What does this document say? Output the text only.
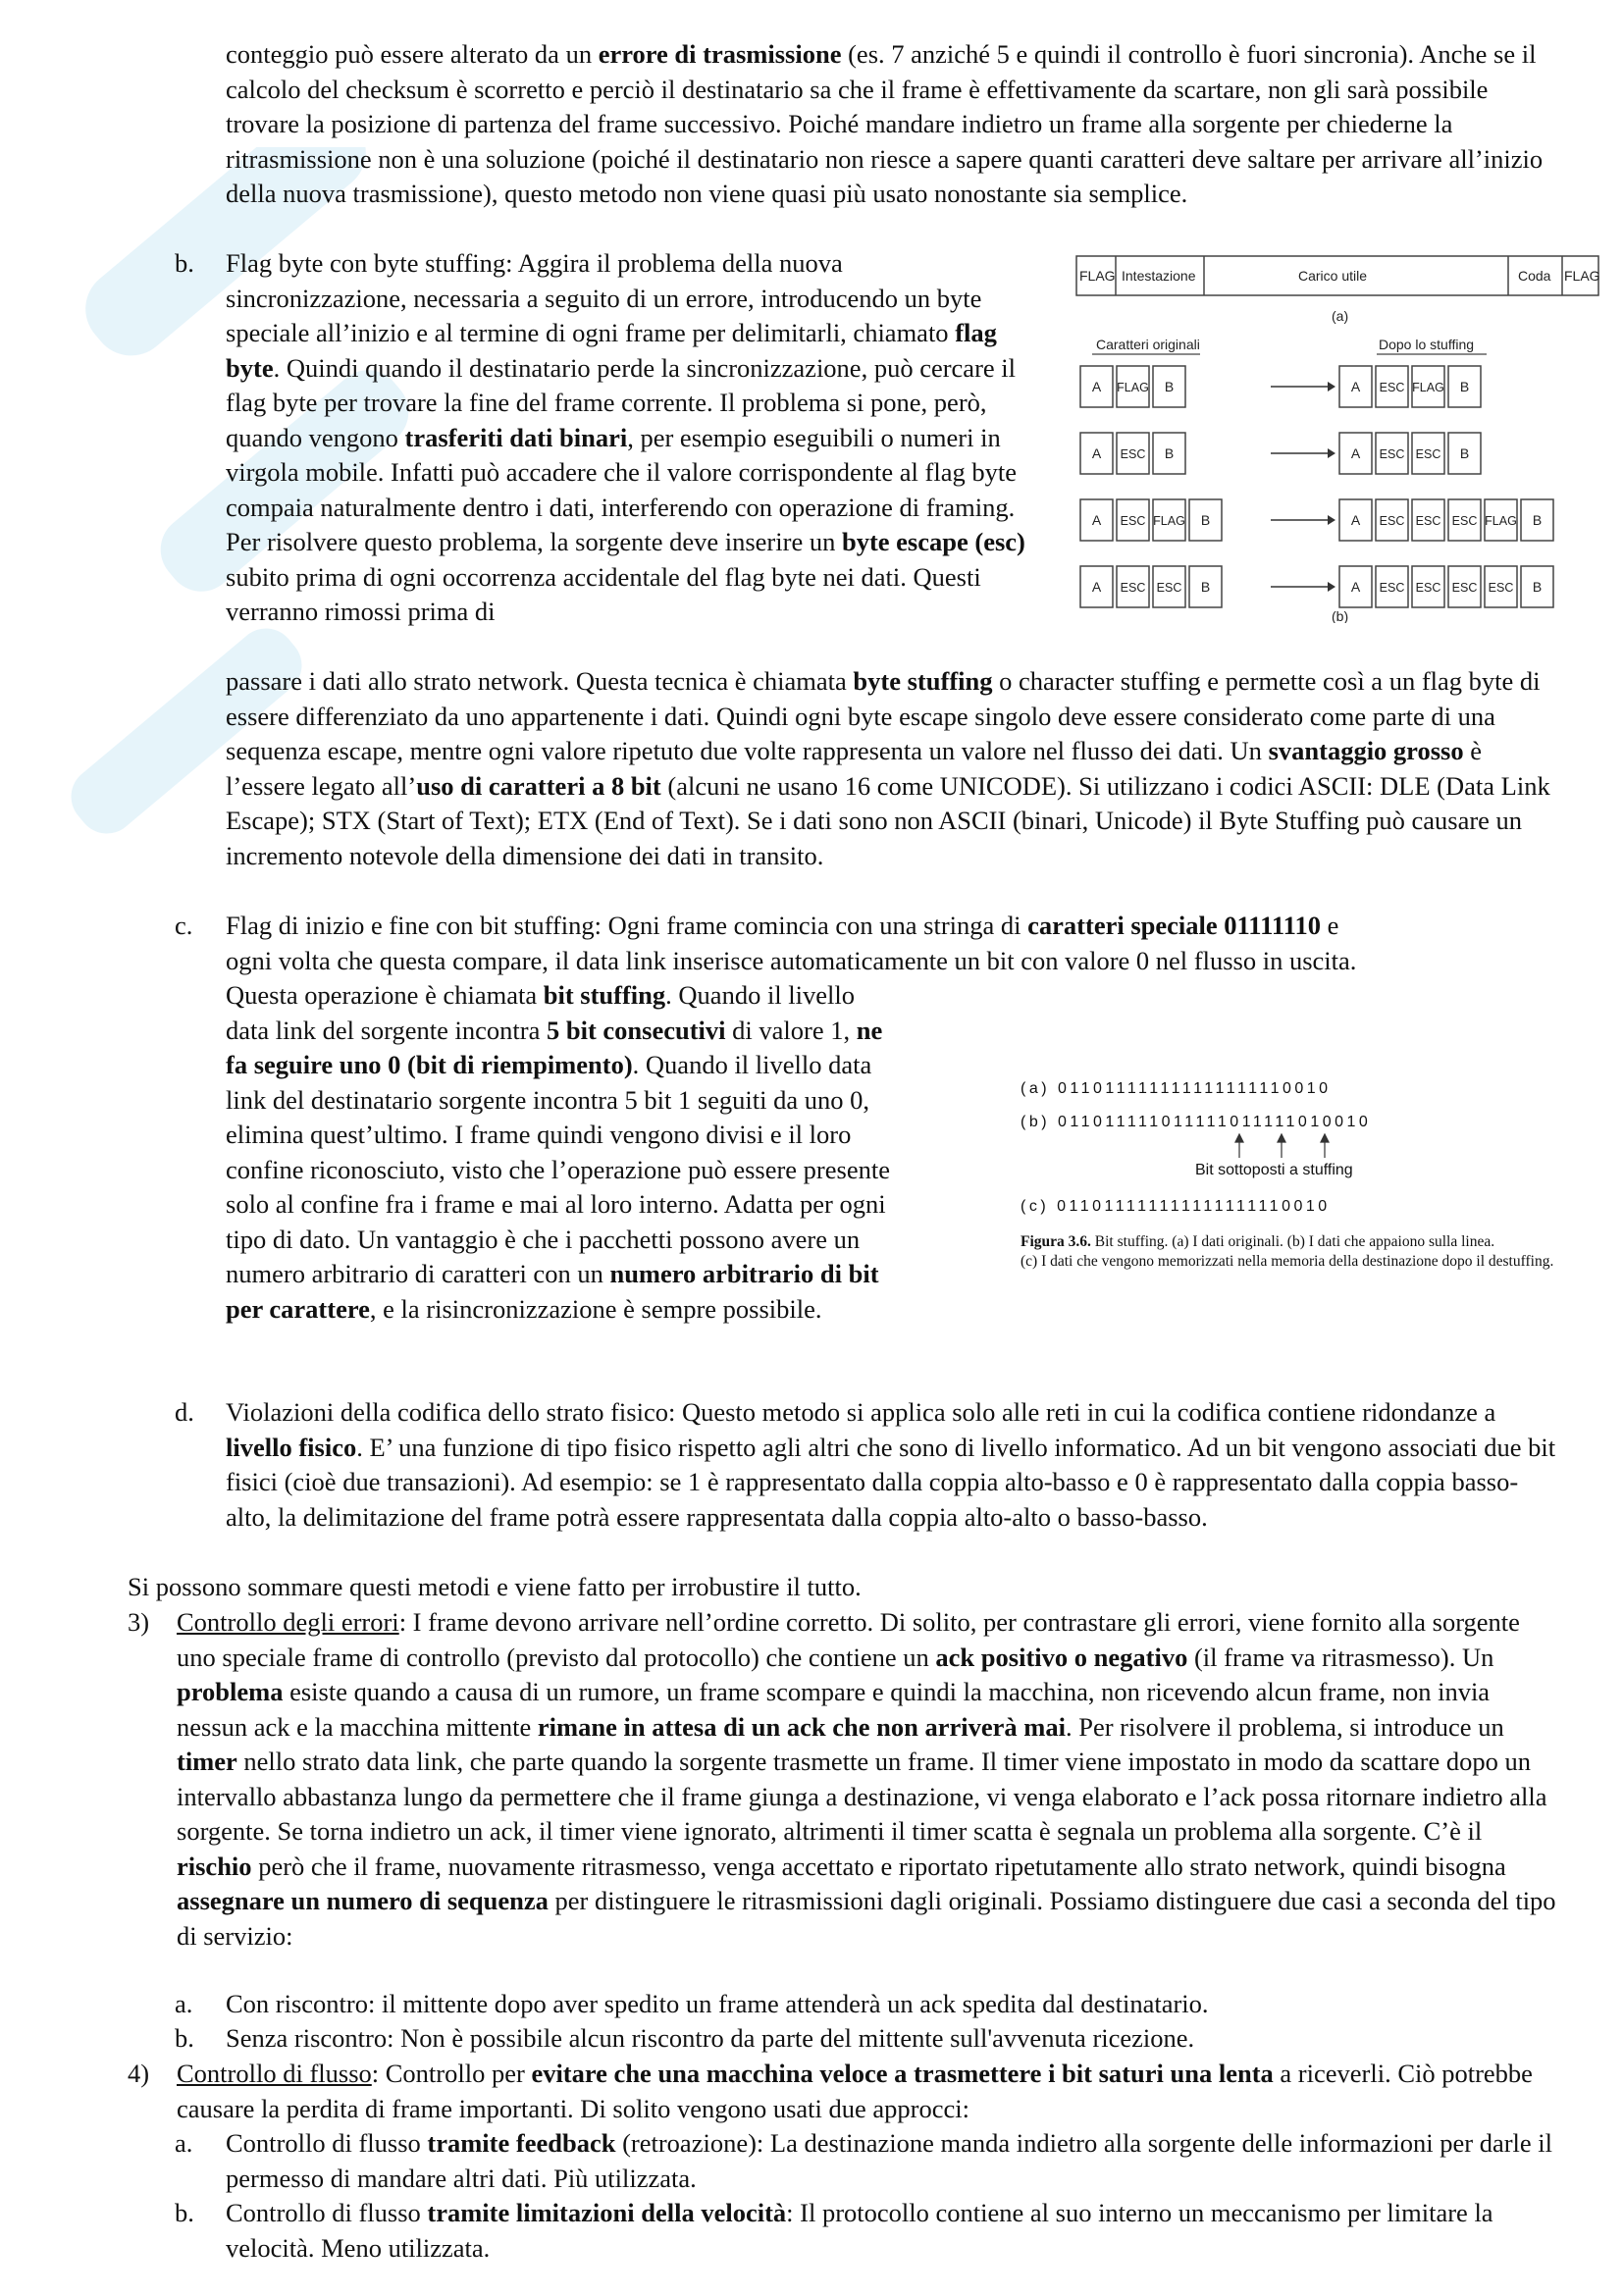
conteggio può essere alterato da un errore di trasmissione (es. 7 anziché 5 e quindi il controllo è fuori sincronia). Anche se il calcolo del checksum è scorretto e perciò il destinatario sa che il frame è effettivamente da scartare, non gli sarà possibile trovare la posizione di partenza del frame successivo. Poiché mandare indietro un frame alla sorgente per chiederne la ritrasmissione non è una soluzione (poiché il destinatario non riesce a sapere quanti caratteri deve saltare per arrivare all’inizio della nuova trasmissione), questo metodo non viene quasi più usato nonostante sia semplice.
b.	Flag byte con byte stuffing: Aggira il problema della nuova sincronizzazione, necessaria a seguito di un errore, introducendo un byte speciale all’inizio e al termine di ogni frame per delimitarli, chiamato flag byte. Quindi quando il destinatario perde la sincronizzazione, può cercare il flag byte per trovare la fine del frame corrente. Il problema si pone, però, quando vengono trasferiti dati binari, per esempio eseguibili o numeri in virgola mobile. Infatti può accadere che il valore corrispondente al flag byte compaia naturalmente dentro i dati, interferendo con operazione di framing. Per risolvere questo problema, la sorgente deve inserire un byte escape (esc) subito prima di ogni occorrenza accidentale del flag byte nei dati. Questi verranno rimossi prima di
passare i dati allo strato network. Questa tecnica è chiamata byte stuffing o character stuffing e permette così a un flag byte di essere differenziato da uno appartenente i dati. Quindi ogni byte escape singolo deve essere considerato come parte di una sequenza escape, mentre ogni valore ripetuto due volte rappresenta un valore nel flusso dei dati. Un svantaggio grosso è l’essere legato all’uso di caratteri a 8 bit (alcuni ne usano 16 come UNICODE). Si utilizzano i codici ASCII: DLE (Data Link Escape); STX (Start of Text); ETX (End of Text). Se i dati sono non ASCII (binari, Unicode) il Byte Stuffing può causare un incremento notevole della dimensione dei dati in transito.
FLAG Intestazione	Carico utile	Coda FLAG
(a)
Caratteri originali	Dopo lo stuffing
(b)
A FLAG B	A ESC FLAG B
A ESC B	A ESC ESC B
A ESC FLAG B	A ESC ESC ESC FLAG B
A ESC ESC B	A ESC ESC ESC ESC B
c.	Flag di inizio e fine con bit stuffing: Ogni frame comincia con una stringa di caratteri speciale 01111110 e
ogni volta che questa compare, il data link inserisce automaticamente un bit con valore 0 nel flusso in uscita.
Questa operazione è chiamata bit stuffing. Quando il livello data link del sorgente incontra 5 bit consecutivi di valore 1, ne fa seguire uno 0 (bit di riempimento). Quando il livello data link del destinatario sorgente incontra 5 bit 1 seguiti da uno 0, elimina quest’ultimo. I frame quindi vengono divisi e il loro confine riconosciuto, visto che l’operazione può essere presente solo al confine fra i frame e mai al loro interno. Adatta per ogni tipo di dato. Un vantaggio è che i pacchetti possono avere un numero arbitrario di caratteri con un numero arbitrario di bit per carattere, e la risincronizzazione è sempre possibile.
(a) 011011111111111111110010
(b) 011011111011111011111010010
Bit sottoposti a stuffing
(c) 011011111111111111110010
Figura 3.6. Bit stuffing. (a) I dati originali. (b) I dati che appaiono sulla linea.
(c) I dati che vengono memorizzati nella memoria della destinazione dopo il destuffing.
d.	Violazioni della codifica dello strato fisico: Questo metodo si applica solo alle reti in cui la codifica contiene ridondanze a livello fisico. E’ una funzione di tipo fisico rispetto agli altri che sono di livello informatico. Ad un bit vengono associati due bit fisici (cioè due transazioni). Ad esempio: se 1 è rappresentato dalla coppia alto-basso e 0 è rappresentato dalla coppia basso-alto, la delimitazione del frame potrà essere rappresentata dalla coppia alto-alto o basso-basso.
Si possono sommare questi metodi e viene fatto per irrobustire il tutto.
3)	Controllo degli errori: I frame devono arrivare nell’ordine corretto. Di solito, per contrastare gli errori, viene fornito alla sorgente uno speciale frame di controllo (previsto dal protocollo) che contiene un ack positivo o negativo (il frame va ritrasmesso). Un problema esiste quando a causa di un rumore, un frame scompare e quindi la macchina, non ricevendo alcun frame, non invia nessun ack e la macchina mittente rimane in attesa di un ack che non arriverà mai. Per risolvere il problema, si introduce un timer nello strato data link, che parte quando la sorgente trasmette un frame. Il timer viene impostato in modo da scattare dopo un intervallo abbastanza lungo da permettere che il frame giunga a destinazione, vi venga elaborato e l’ack possa ritornare indietro alla sorgente. Se torna indietro un ack, il timer viene ignorato, altrimenti il timer scatta è segnala un problema alla sorgente. C’è il rischio però che il frame, nuovamente ritrasmesso, venga accettato e riportato ripetutamente allo strato network, quindi bisogna assegnare un numero di sequenza per distinguere le ritrasmissioni dagli originali. Possiamo distinguere due casi a seconda del tipo di servizio:
a.	Con riscontro: il mittente dopo aver spedito un frame attenderà un ack spedita dal destinatario.
b.	Senza riscontro: Non è possibile alcun riscontro da parte del mittente sull'avvenuta ricezione.
4)	Controllo di flusso: Controllo per evitare che una macchina veloce a trasmettere i bit saturi una lenta a riceverli. Ciò potrebbe causare la perdita di frame importanti. Di solito vengono usati due approcci:
a.	Controllo di flusso tramite feedback (retroazione): La destinazione manda indietro alla sorgente delle informazioni per darle il permesso di mandare altri dati. Più utilizzata.
b.	Controllo di flusso tramite limitazioni della velocità: Il protocollo contiene al suo interno un meccanismo per limitare la velocità. Meno utilizzata.
